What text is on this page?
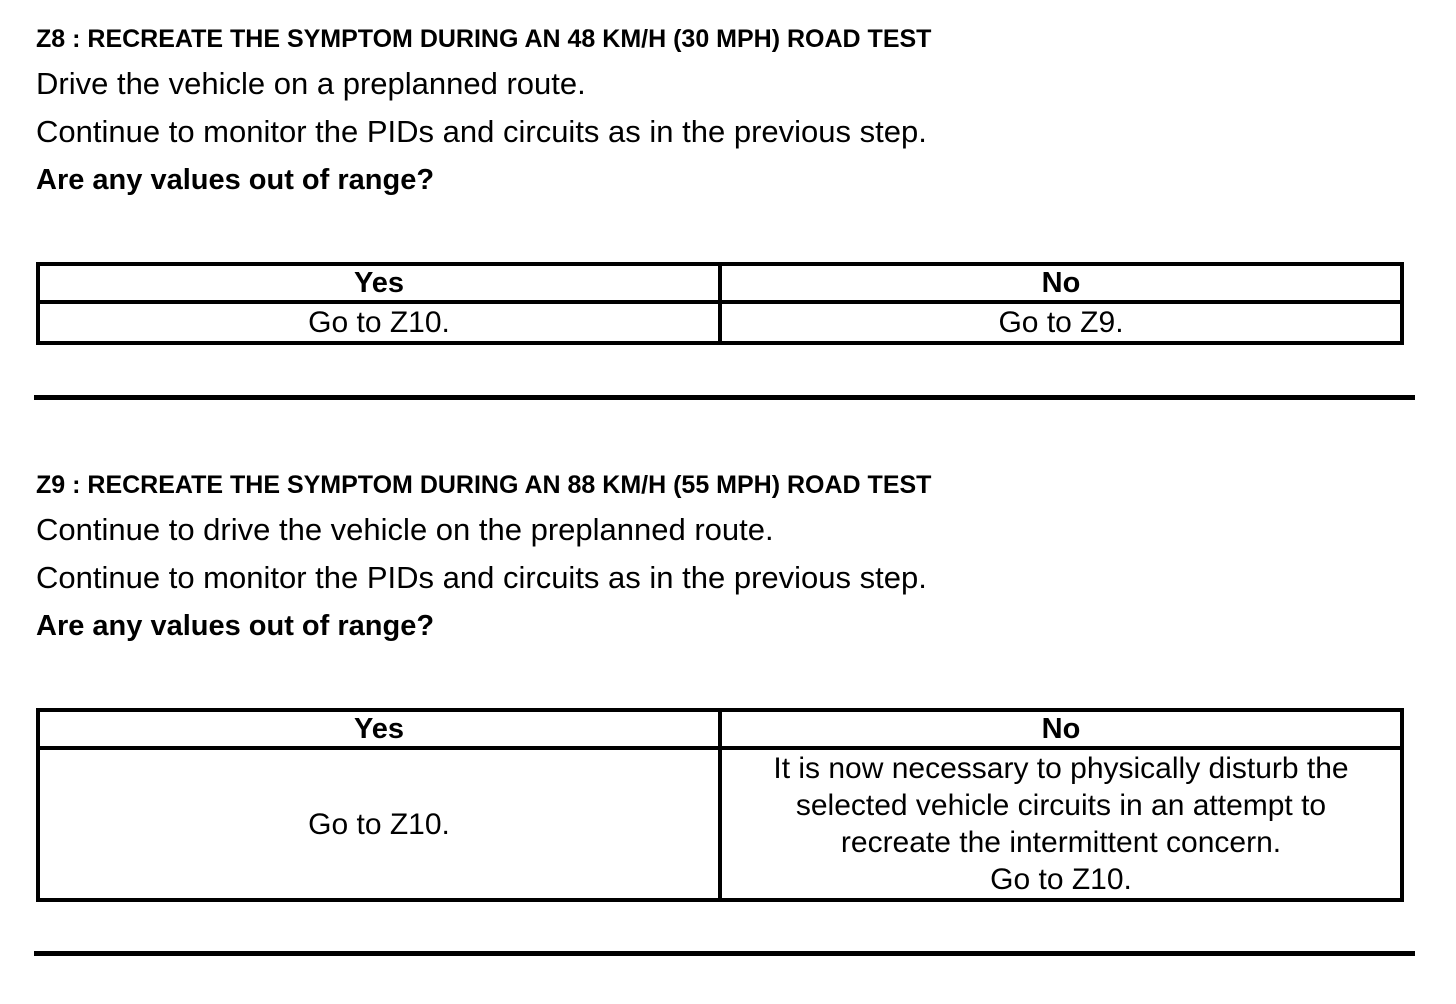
Z8 : RECREATE THE SYMPTOM DURING AN 48 KM/H (30 MPH) ROAD TEST

Drive the vehicle on a preplanned route.

Continue to monitor the PIDs and circuits as in the previous step.

Are any values out of range?

Yes	No

Go to Z10.	Go to Z9.
Z9 : RECREATE THE SYMPTOM DURING AN 88 KM/H (55 MPH) ROAD TEST

Continue to drive the vehicle on the preplanned route.

Continue to monitor the PIDs and circuits as in the previous step.

Are any values out of range?

Yes	No

Go to Z10.	It is now necessary to physically disturb the
selected vehicle circuits in an attempt to
recreate the intermittent concern.
Go to Z10.
